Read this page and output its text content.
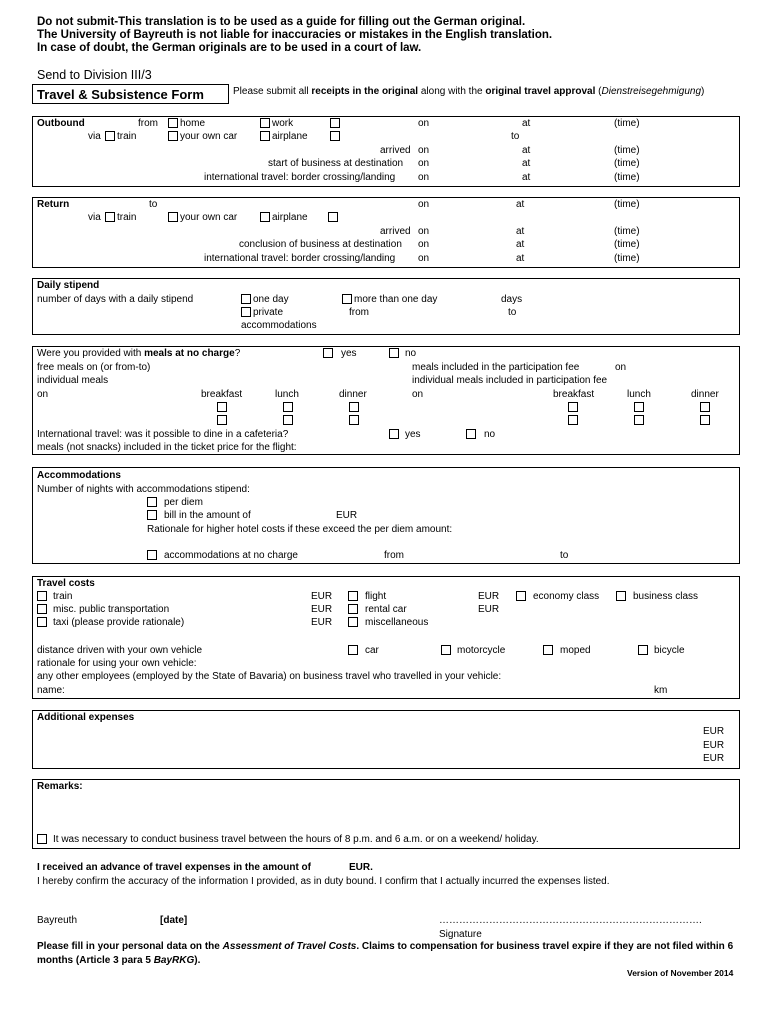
Do not submit-This translation is to be used as a guide for filling out the German original.
The University of Bayreuth is not liable for inaccuracies or mistakes in the English translation.
In case of doubt, the German originals are to be used in a court of law.
Send to Division III/3
Travel & Subsistence Form	Please submit all receipts in the original along with the original travel approval (Dienstreisegehmigung)
Outbound	from home	work	on	at	(time)
via train	your own car	airplane	to
arrived on	at	(time)
start of business at destination on	at	(time)
international travel: border crossing/landing on	at	(time)
Return	to	on	at	(time)
via train	your own car	airplane
arrived on	at	(time)
conclusion of business at destination on	at	(time)
international travel: border crossing/landing on	at	(time)
Daily stipend
number of days with a daily stipend	one day	more than one day	days
private	from	to
accommodations
Were you provided with meals at no charge?	yes	no
free meals on (or from-to)	meals included in the participation fee	on
individual meals	individual meals included in participation fee
on	breakfast	lunch	dinner	on	breakfast	lunch	dinner
International travel: was it possible to dine in a cafeteria?	yes	no
meals (not snacks) included in the ticket price for the flight:
Accommodations
Number of nights with accommodations stipend:
per diem
bill in the amount of	EUR
Rationale for higher hotel costs if these exceed the per diem amount:
accommodations at no charge	from	to
Travel costs
train	EUR	flight	EUR	economy class	business class
misc. public transportation	EUR	rental car	EUR
taxi (please provide rationale)	EUR	miscellaneous
distance driven with your own vehicle	car	motorcycle	moped	bicycle
rationale for using your own vehicle:
any other employees (employed by the State of Bavaria) on business travel who travelled in your vehicle:
name:	km
Additional expenses
EUR
EUR
EUR
Remarks:
It was necessary to conduct business travel between the hours of 8 p.m. and 6 a.m. or on a weekend/ holiday.
I received an advance of travel expenses in the amount of	EUR.
I hereby confirm the accuracy of the information I provided, as in duty bound. I confirm that I actually incurred the expenses listed.
Bayreuth	[date]	…………………………………………………………………….
Signature
Please fill in your personal data on the Assessment of Travel Costs. Claims to compensation for business travel expire if they are not filed within 6
months (Article 3 para 5 BayRKG).
Version of November 2014
